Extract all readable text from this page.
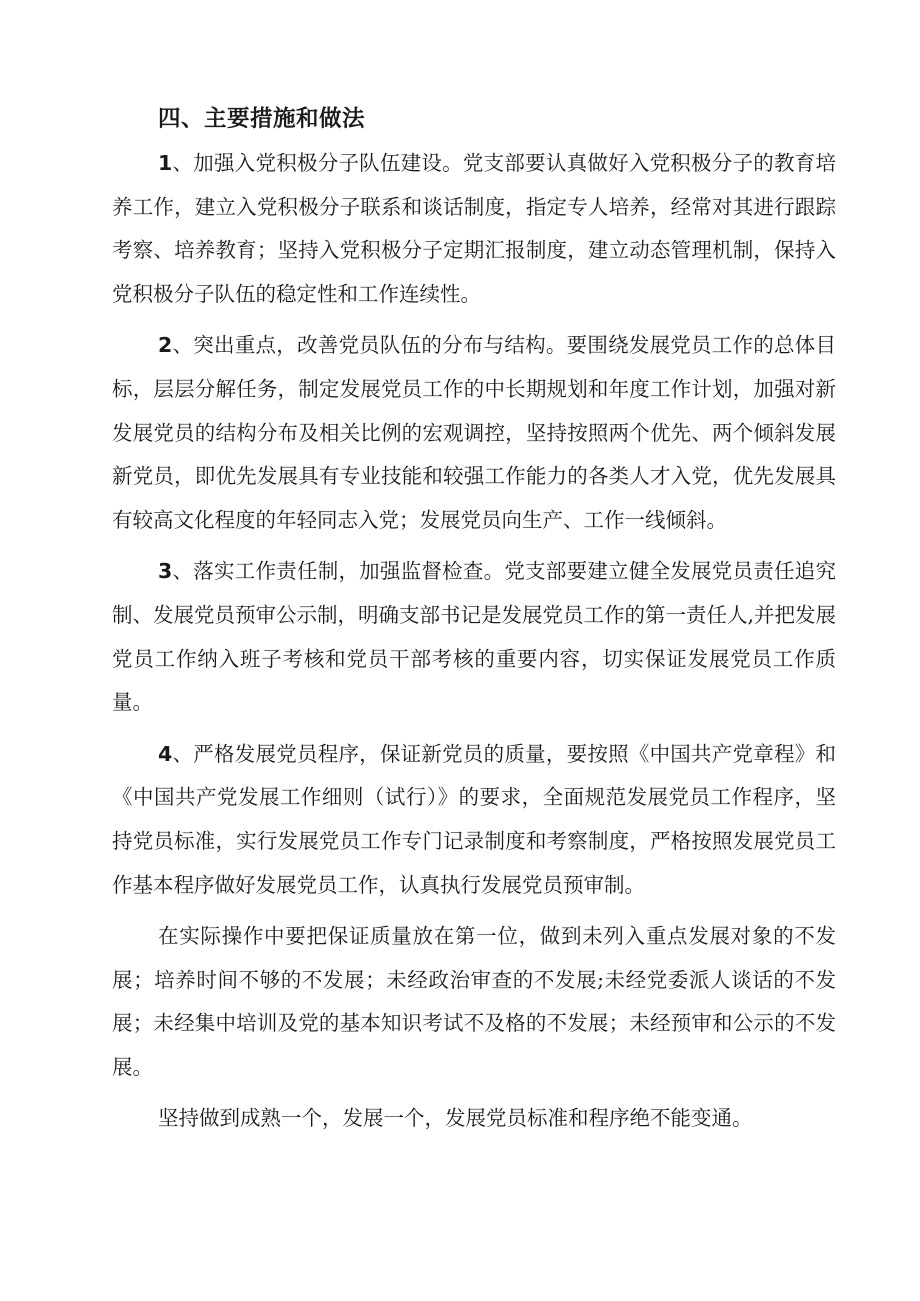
四、主要措施和做法

1、加强入党积极分子队伍建设。党支部要认真做好入党积极分子的教育培养工作，建立入党积极分子联系和谈话制度，指定专人培养，经常对其进行跟踪考察、培养教育；坚持入党积极分子定期汇报制度，建立动态管理机制，保持入党积极分子队伍的稳定性和工作连续性。

2、突出重点，改善党员队伍的分布与结构。要围绕发展党员工作的总体目标，层层分解任务，制定发展党员工作的中长期规划和年度工作计划，加强对新发展党员的结构分布及相关比例的宏观调控，坚持按照两个优先、两个倾斜发展新党员，即优先发展具有专业技能和较强工作能力的各类人才入党，优先发展具有较高文化程度的年轻同志入党；发展党员向生产、工作一线倾斜。

3、落实工作责任制，加强监督检查。党支部要建立健全发展党员责任追究制、发展党员预审公示制，明确支部书记是发展党员工作的第一责任人,并把发展党员工作纳入班子考核和党员干部考核的重要内容，切实保证发展党员工作质量。

4、严格发展党员程序，保证新党员的质量，要按照《中国共产党章程》和《中国共产党发展工作细则（试行）》的要求，全面规范发展党员工作程序，坚持党员标准，实行发展党员工作专门记录制度和考察制度，严格按照发展党员工作基本程序做好发展党员工作，认真执行发展党员预审制。

在实际操作中要把保证质量放在第一位，做到未列入重点发展对象的不发展；培养时间不够的不发展；未经政治审查的不发展;未经党委派人谈话的不发展；未经集中培训及党的基本知识考试不及格的不发展；未经预审和公示的不发展。

坚持做到成熟一个，发展一个，发展党员标准和程序绝不能变通。
